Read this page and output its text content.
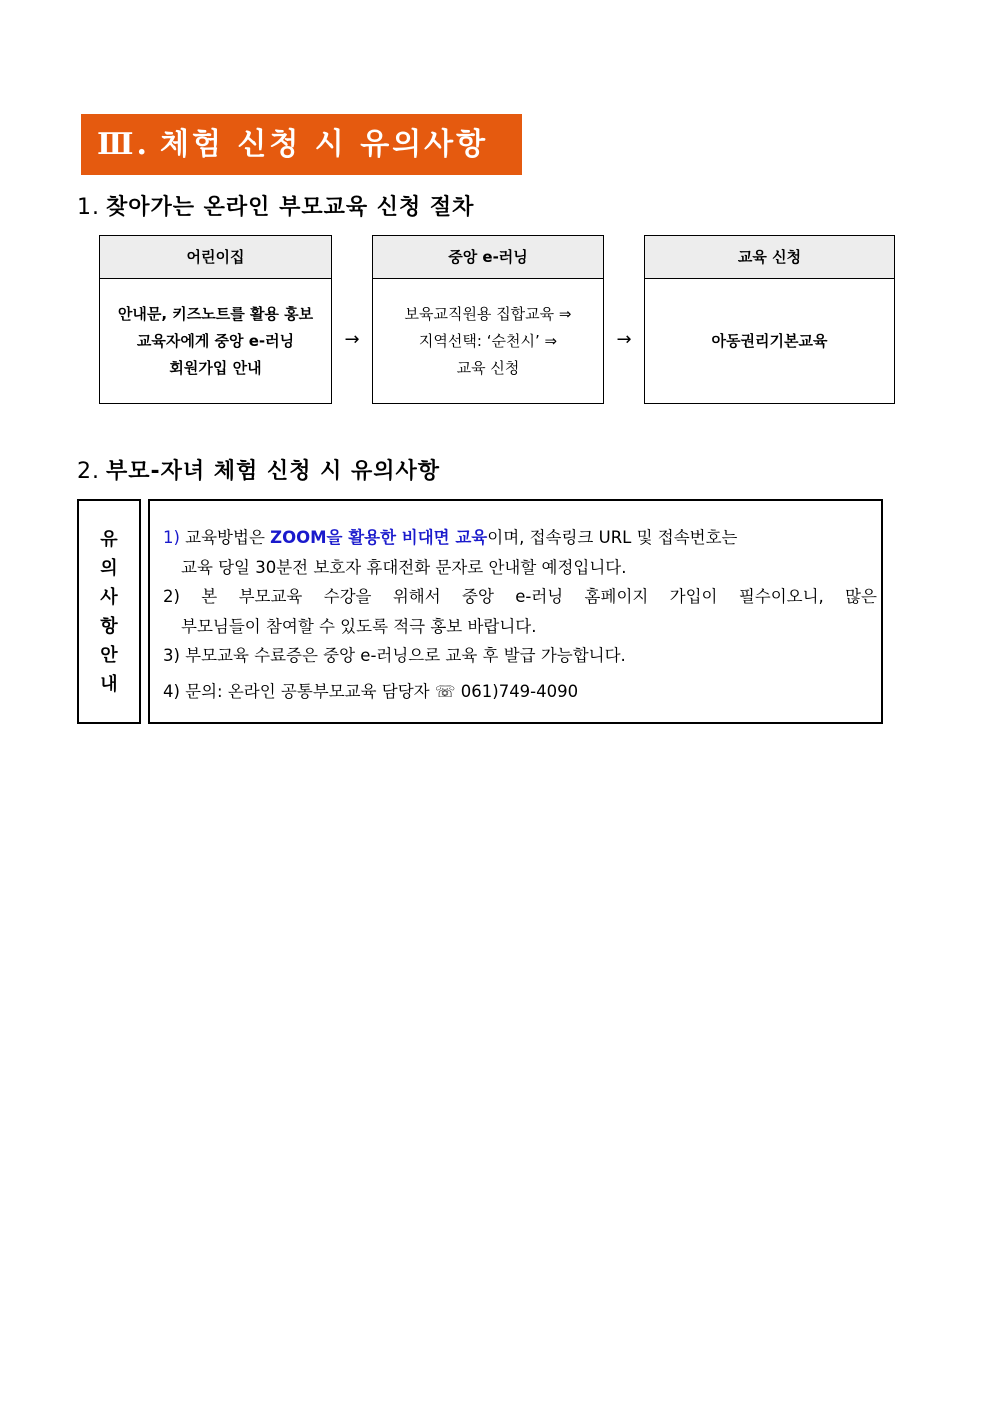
Ⅲ. 체험 신청 시 유의사항
1. 찾아가는 온라인 부모교육 신청 절차
어린이집
안내문, 키즈노트를 활용 홍보
교육자에게 중앙 e-러닝
회원가입 안내
→
중앙 e-러닝
보육교직원용 집합교육 ⇒
지역선택: ‘순천시’ ⇒
교육 신청
→
교육 신청
아동권리기본교육
2. 부모-자녀 체험 신청 시 유의사항
유
의
사
항
안
내
1) 교육방법은 ZOOM을 활용한 비대면 교육이며, 접속링크 URL 및 접속번호는
교육 당일 30분전 보호자 휴대전화 문자로 안내할 예정입니다.
2) 본 부모교육 수강을 위해서 중앙 e-러닝 홈페이지 가입이 필수이오니, 많은
부모님들이 참여할 수 있도록 적극 홍보 바랍니다.
3) 부모교육 수료증은 중앙 e-러닝으로 교육 후 발급 가능합니다.
4) 문의: 온라인 공통부모교육 담당자 ☏ 061)749-4090
